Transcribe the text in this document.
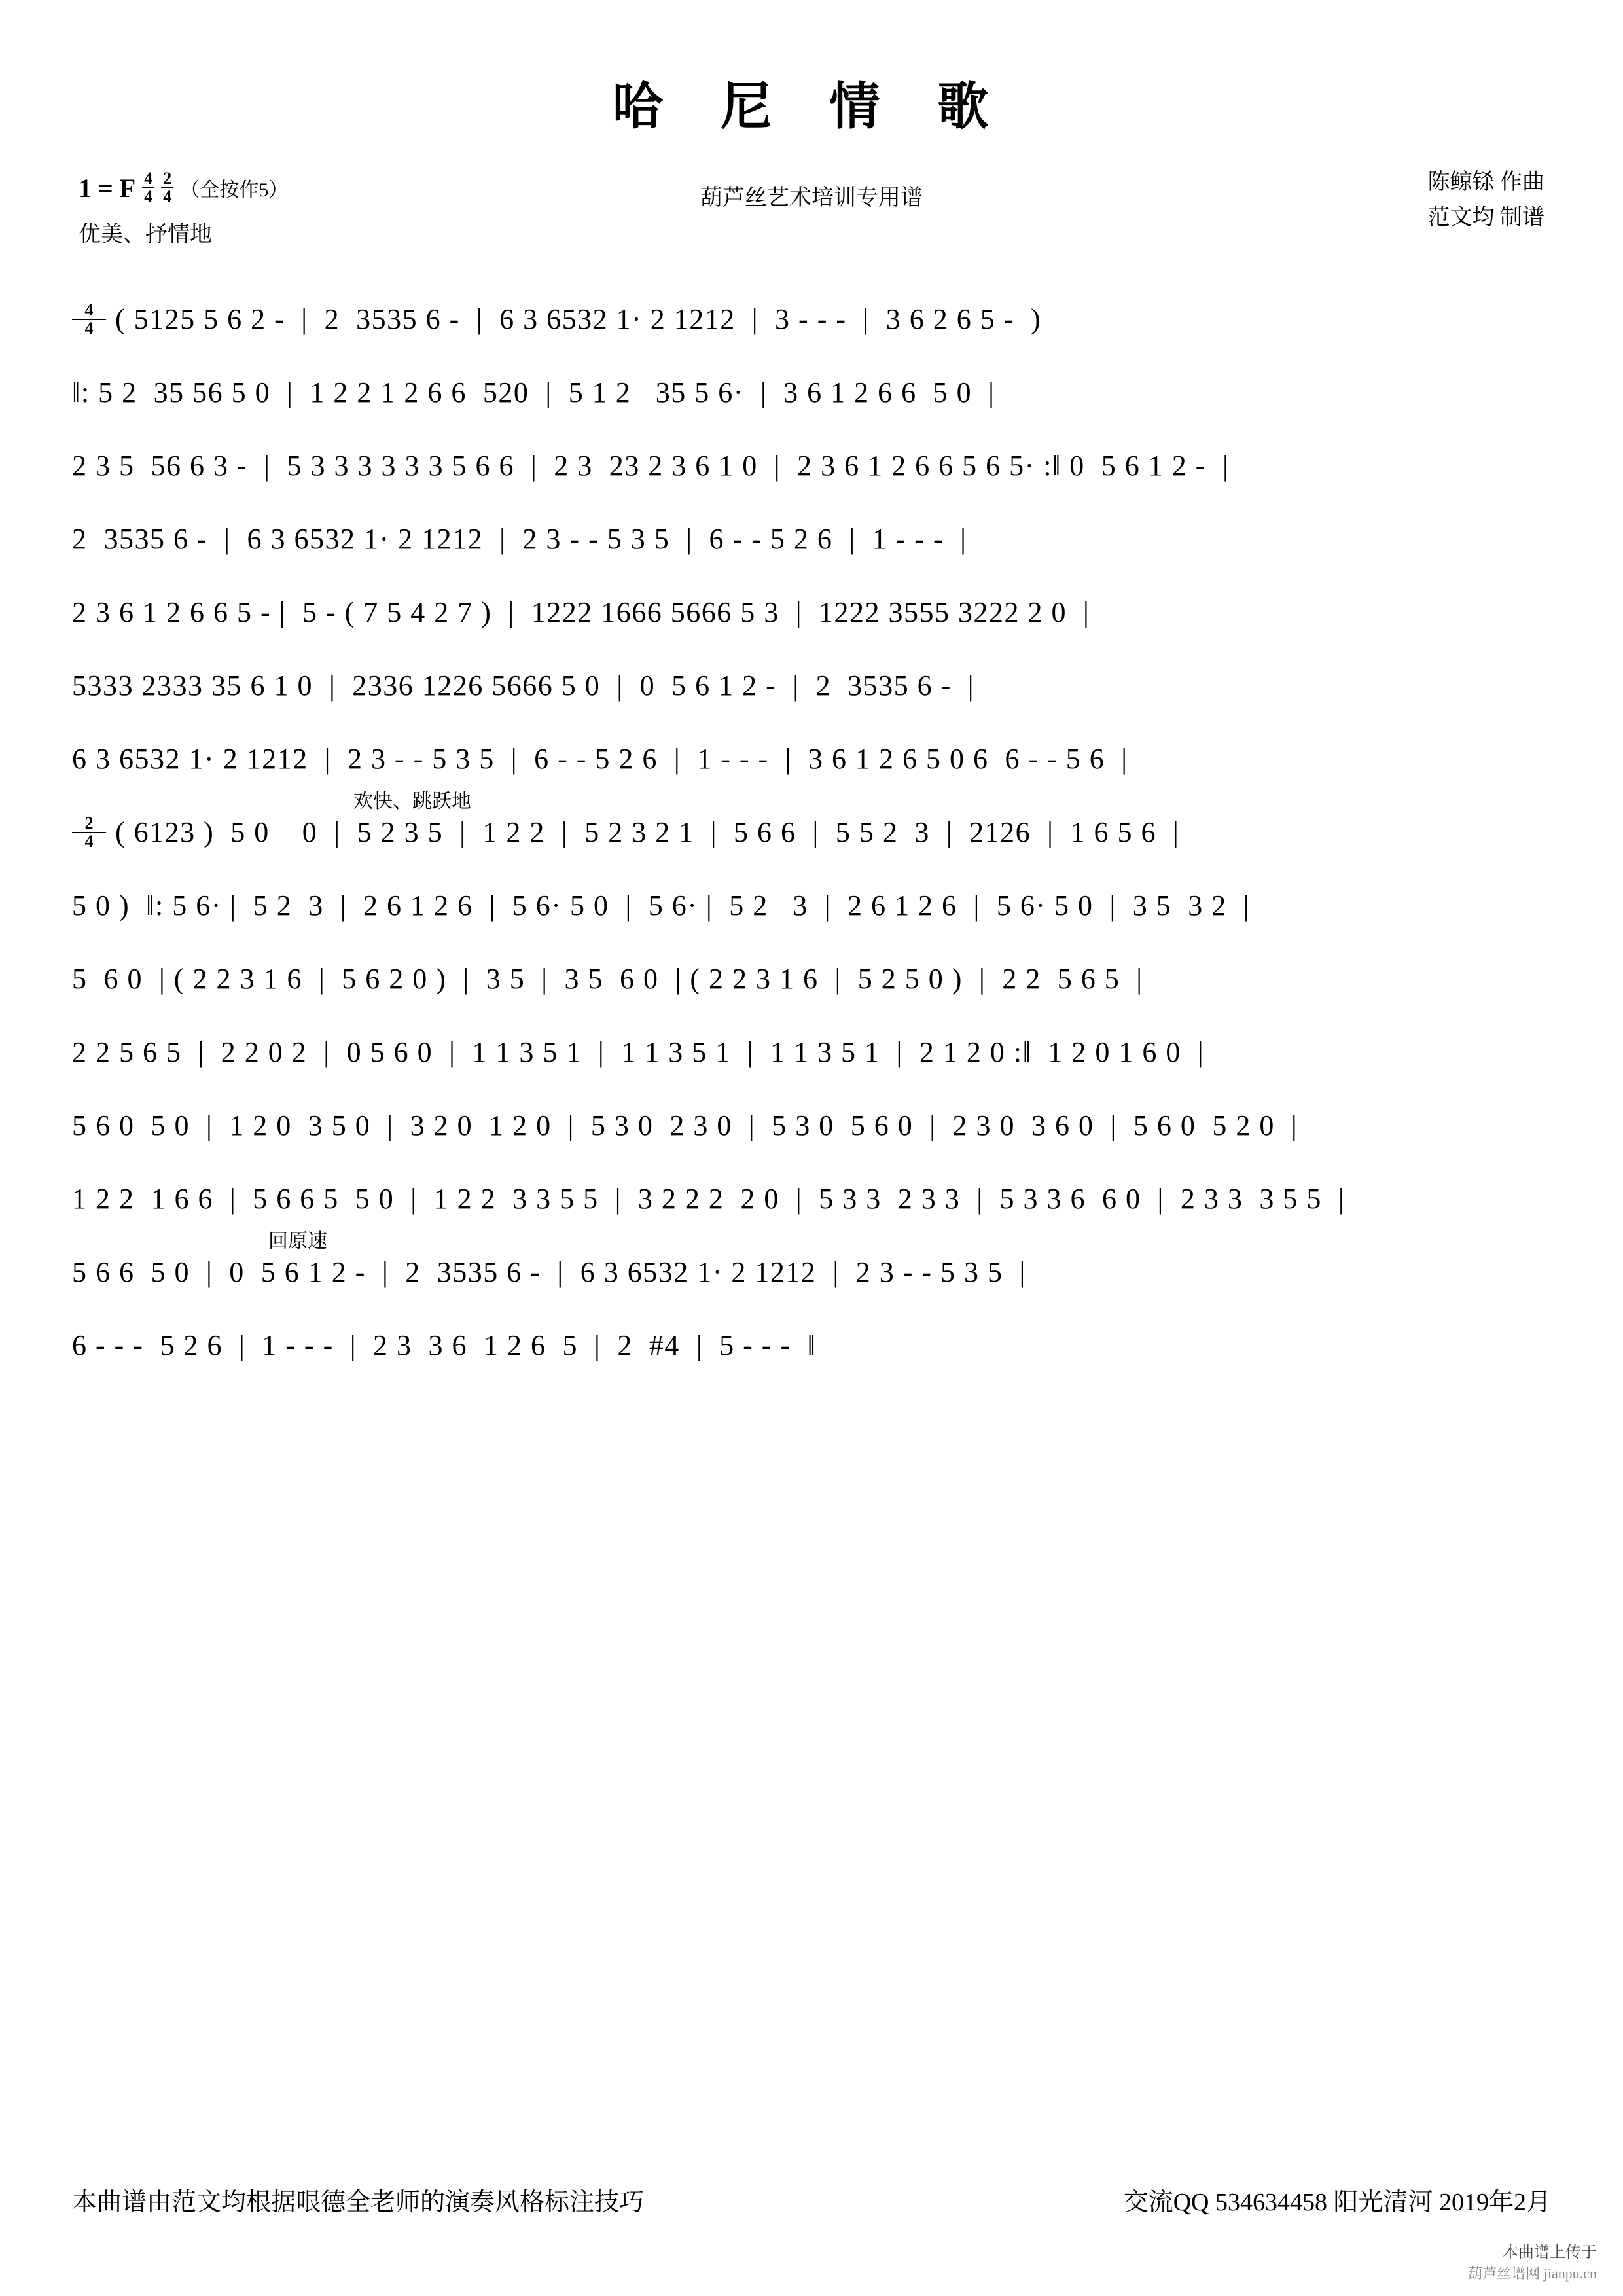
哈 尼 情 歌
1 = F $\frac{4}{4} \frac{2}{4}$ （全按作5）
优美、抒情地
葫芦丝艺术培训专用谱
陈鲸铩 作曲
范文均 制谱

$\frac{4}{4}$

( 5125 5 6 2 -  |  2  3535 6 -  |  6 3 6532 1· 2 1212  |  3 - - -  |  3 6 2 6 5 -  )
‖: 5 2  35 56 5 0  |  1 2 2 1 2 6 6  520  |  5 1 2   35 5 6·  |  3 6 1 2 6 6  5 0  |
2 3 5  56 6 3 -  |  5 3 3 3 3 3 3 5 6 6  |  2 3  23 2 3 6 1 0  |  2 3 6 1 2 6 6 5 6 5· :‖ 0  5 6 1 2 -  |
2  3535 6 -  |  6 3 6532 1· 2 1212  |  2 3 - - 5 3 5  |  6 - - 5 2 6  |  1 - - -  |
2 3 6 1 2 6 6 5 - |  5 - ( 7 5 4 2 7 )  |  1222 1666 5666 5 3  |  1222 3555 3222 2 0  |
5333 2333 35 6 1 0  |  2336 1226 5666 5 0  |  0  5 6 1 2 -  |  2  3535 6 -  |
6 3 6532 1· 2 1212  |  2 3 - - 5 3 5  |  6 - - 5 2 6  |  1 - - -  |  3 6 1 2 6 5 0 6  6 - - 5 6  |
欢快、跳跃地

$\frac{2}{4}$

( 6123 )  5 0    0  |  5 2 3 5  |  1 2 2  |  5 2 3 2 1  |  5 6 6  |  5 5 2  3  |  2126  |  1 6 5 6  |
5 0 )  ‖: 5 6· |  5 2  3  |  2 6 1 2 6  |  5 6· 5 0  |  5 6· |  5 2   3  |  2 6 1 2 6  |  5 6· 5 0  |  3 5  3 2  |
5  6 0  | ( 2 2 3 1 6  |  5 6 2 0 )  |  3 5  |  3 5  6 0  | ( 2 2 3 1 6  |  5 2 5 0 )  |  2 2  5 6 5  |
2 2 5 6 5  |  2 2 0 2  |  0 5 6 0  |  1 1 3 5 1  |  1 1 3 5 1  |  1 1 3 5 1  |  2 1 2 0 :‖  1 2 0 1 6 0  |
5 6 0  5 0  |  1 2 0  3 5 0  |  3 2 0  1 2 0  |  5 3 0  2 3 0  |  5 3 0  5 6 0  |  2 3 0  3 6 0  |  5 6 0  5 2 0  |
1 2 2  1 6 6  |  5 6 6 5  5 0  |  1 2 2  3 3 5 5  |  3 2 2 2  2 0  |  5 3 3  2 3 3  |  5 3 3 6  6 0  |  2 3 3  3 5 5  |
回原速
5 6 6  5 0  |  0  5 6 1 2 -  |  2  3535 6 -  |  6 3 6532 1· 2 1212  |  2 3 - - 5 3 5  |
6 - - -  5 2 6  |  1 - - -  |  2 3  3 6  1 2 6  5  |  2  #4  |  5 - - -  ‖
本曲谱由范文均根据哏德全老师的演奏风格标注技巧	交流QQ 534634458 阳光清河 2019年2月
本曲谱上传于
葫芦丝谱网 jianpu.cn
